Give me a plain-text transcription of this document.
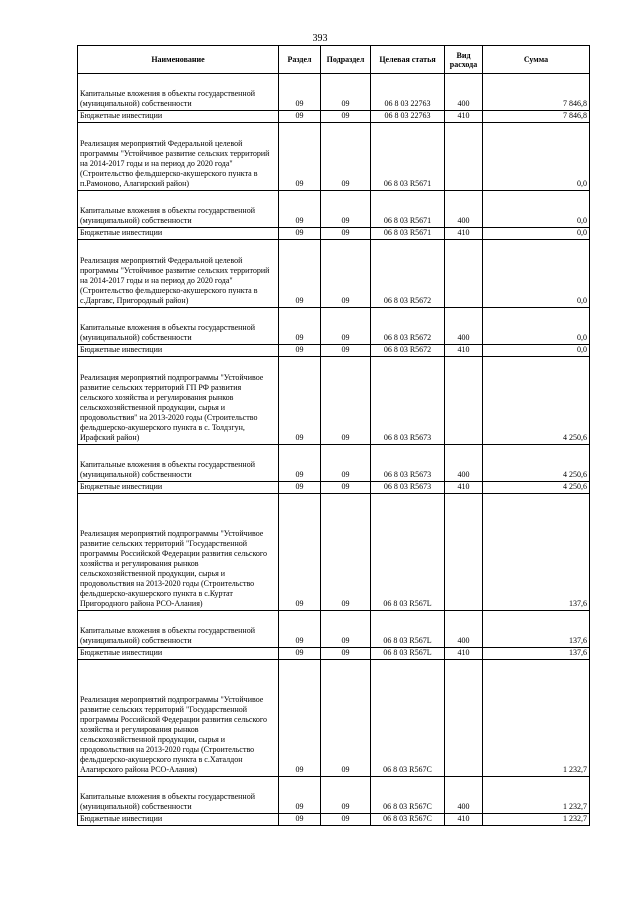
393
Наименование	Раздел	Подраздел	Целевая статья	Вид расхода	Сумма
Капитальные вложения в объекты государственной (муниципальной) собственности	09	09	06 8 03 22763	400	7 846,8
Бюджетные инвестиции	09	09	06 8 03 22763	410	7 846,8
Реализация мероприятий Федеральной целевой программы "Устойчивое развитие сельских территорий на 2014-2017 годы и на период до 2020 года" (Строительство фельдшерско-акушерского пункта в п.Рамоново, Алагирский район)	09	09	06 8 03 R5671		0,0
Капитальные вложения в объекты государственной (муниципальной) собственности	09	09	06 8 03 R5671	400	0,0
Бюджетные инвестиции	09	09	06 8 03 R5671	410	0,0
Реализация мероприятий Федеральной целевой программы "Устойчивое развитие сельских территорий на 2014-2017 годы и на период до 2020 года" (Строительство фельдшерско-акушерского пункта в с.Даргавс, Пригородный район)	09	09	06 8 03 R5672		0,0
Капитальные вложения в объекты государственной (муниципальной) собственности	09	09	06 8 03 R5672	400	0,0
Бюджетные инвестиции	09	09	06 8 03 R5672	410	0,0
Реализация мероприятий подпрограммы "Устойчивое развитие сельских территорий ГП РФ развития сельского хозяйства и регулирования рынков сельскохозяйственной продукции, сырья и продовольствия" на 2013-2020 годы (Строительство фельдшерско-акушерского пункта в с. Толдзгун, Ирафский район)	09	09	06 8 03 R5673		4 250,6
Капитальные вложения в объекты государственной (муниципальной) собственности	09	09	06 8 03 R5673	400	4 250,6
Бюджетные инвестиции	09	09	06 8 03 R5673	410	4 250,6
Реализация мероприятий подпрограммы "Устойчивое развитие сельских территорий "Государственной программы Российской Федерации развития сельского хозяйства и регулирования рынков сельскохозяйственной продукции, сырья и продовольствия на 2013-2020 годы (Строительство фельдшерско-акушерского пункта в с.Куртат Пригородного района РСО-Алания)	09	09	06 8 03 R567L		137,6
Капитальные вложения в объекты государственной (муниципальной) собственности	09	09	06 8 03 R567L	400	137,6
Бюджетные инвестиции	09	09	06 8 03 R567L	410	137,6
Реализация мероприятий подпрограммы "Устойчивое развитие сельских территорий "Государственной программы Российской Федерации развития сельского хозяйства и регулирования рынков сельскохозяйственной продукции, сырья и продовольствия на 2013-2020 годы (Строительство фельдшерско-акушерского пункта в с.Хаталдон Алагирского района РСО-Алания)	09	09	06 8 03 R567C		1 232,7
Капитальные вложения в объекты государственной (муниципальной) собственности	09	09	06 8 03 R567C	400	1 232,7
Бюджетные инвестиции	09	09	06 8 03 R567C	410	1 232,7
